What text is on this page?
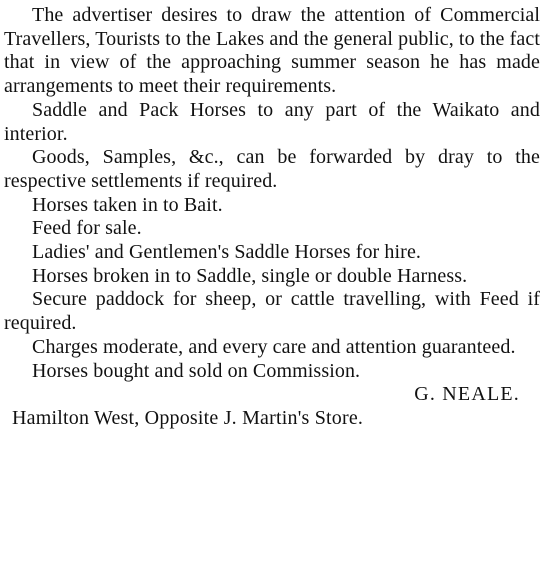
The advertiser desires to draw the attention of Commercial Travellers, Tourists to the Lakes and the general public, to the fact that in view of the approaching summer season he has made arrangements to meet their requirements.

Saddle and Pack Horses to any part of the Waikato and interior.

Goods, Samples, &c., can be forwarded by dray to the respective settlements if required.

Horses taken in to Bait.

Feed for sale.

Ladies' and Gentlemen's Saddle Horses for hire.

Horses broken in to Saddle, single or double Harness.

Secure paddock for sheep, or cattle travelling, with Feed if required.

Charges moderate, and every care and attention guaranteed.

Horses bought and sold on Commission.

G. NEALE.

Hamilton West, Opposite J. Martin's Store.
